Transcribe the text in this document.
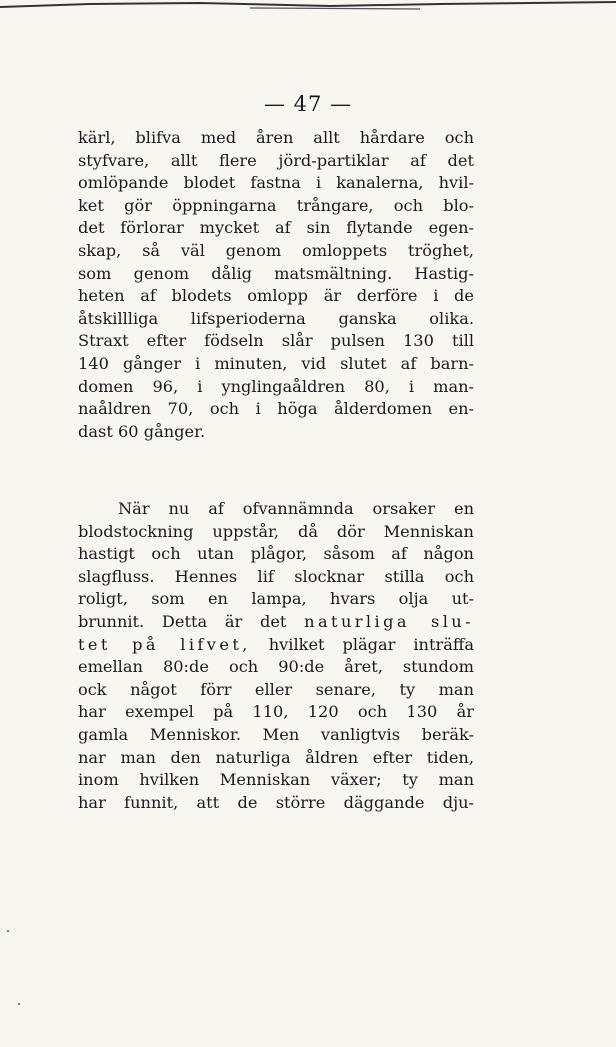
— 47 —
kärl, blifva med åren allt hårdare och
styfvare, allt flere jörd-partiklar af det
omlöpande blodet fastna i kanalerna, hvil-
ket gör öppningarna trångare, och blo-
det förlorar mycket af sin flytande egen-
skap, så väl genom omloppets tröghet,
som genom dålig matsmältning. Hastig-
heten af blodets omlopp är derföre i de
åtskillliga lifsperioderna ganska olika.
Straxt efter födseln slår pulsen 130 till
140 gånger i minuten, vid slutet af barn-
domen 96, i ynglingaåldren 80, i man-
naåldren 70, och i höga ålderdomen en-
dast 60 gånger.
När nu af ofvannämnda orsaker en
blodstockning uppstår, då dör Menniskan
hastigt och utan plågor, såsom af någon
slagfluss. Hennes lif slocknar stilla och
roligt, som en lampa, hvars olja ut-
brunnit. Detta är det naturliga slu-
tet på lifvet, hvilket plägar inträffa
emellan 80:de och 90:de året, stundom
ock något förr eller senare, ty man
har exempel på 110, 120 och 130 år
gamla Menniskor. Men vanligtvis beräk-
nar man den naturliga åldren efter tiden,
inom hvilken Menniskan växer; ty man
har funnit, att de större däggande dju-
